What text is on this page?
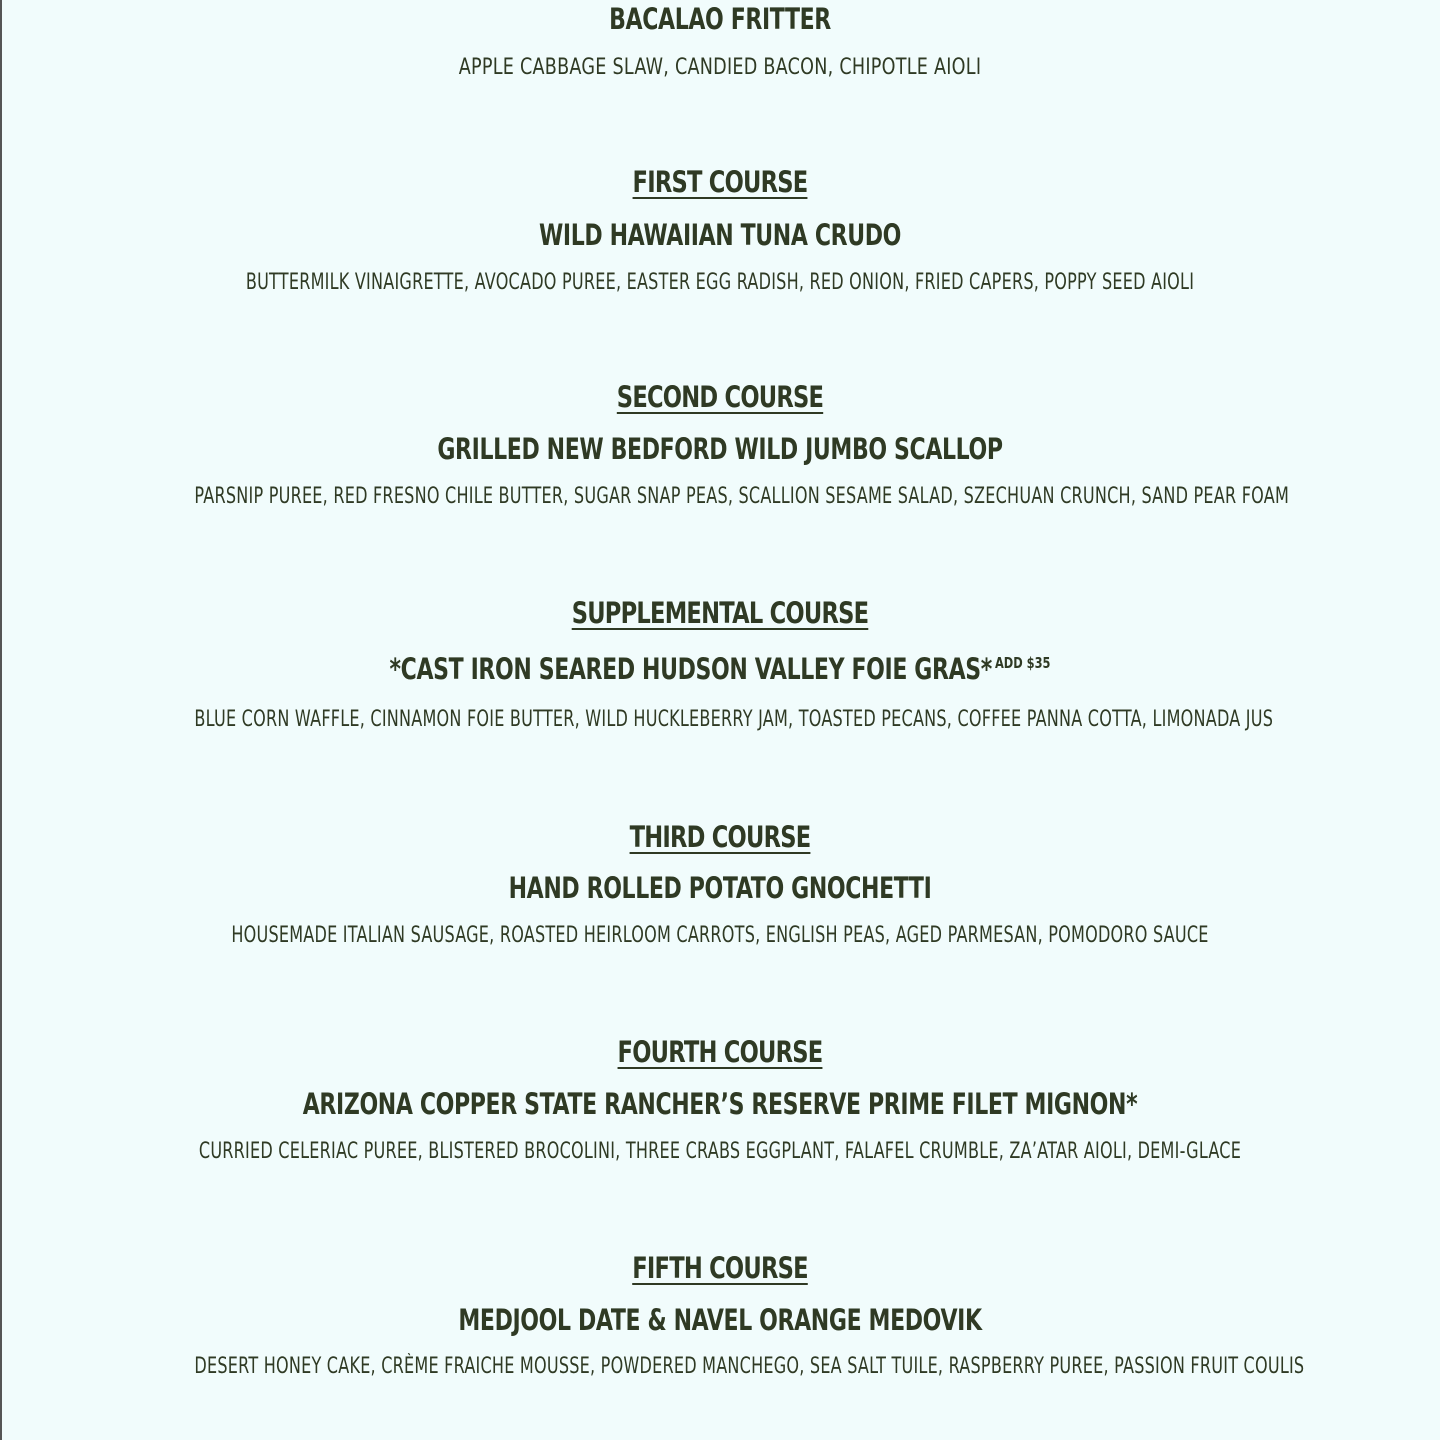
BACALAO FRITTER
APPLE CABBAGE SLAW, CANDIED BACON, CHIPOTLE AIOLI
FIRST COURSE
WILD HAWAIIAN TUNA CRUDO
BUTTERMILK VINAIGRETTE, AVOCADO PUREE, EASTER EGG RADISH, RED ONION, FRIED CAPERS, POPPY SEED AIOLI
SECOND COURSE
GRILLED NEW BEDFORD WILD JUMBO SCALLOP
PARSNIP PUREE, RED FRESNO CHILE BUTTER, SUGAR SNAP PEAS, SCALLION SESAME SALAD, SZECHUAN CRUNCH, SAND PEAR FOAM
SUPPLEMENTAL COURSE
*CAST IRON SEARED HUDSON VALLEY FOIE GRAS* $^{ADD \$35}$
BLUE CORN WAFFLE, CINNAMON FOIE BUTTER, WILD HUCKLEBERRY JAM, TOASTED PECANS, COFFEE PANNA COTTA, LIMONADA JUS
THIRD COURSE
HAND ROLLED POTATO GNOCHETTI
HOUSEMADE ITALIAN SAUSAGE, ROASTED HEIRLOOM CARROTS, ENGLISH PEAS, AGED PARMESAN, POMODORO SAUCE
FOURTH COURSE
ARIZONA COPPER STATE RANCHER’S RESERVE PRIME FILET MIGNON*
CURRIED CELERIAC PUREE, BLISTERED BROCOLINI, THREE CRABS EGGPLANT, FALAFEL CRUMBLE, ZA’ATAR AIOLI, DEMI-GLACE
FIFTH COURSE
MEDJOOL DATE & NAVEL ORANGE MEDOVIK
DESERT HONEY CAKE, CRÈME FRAICHE MOUSSE, POWDERED MANCHEGO, SEA SALT TUILE, RASPBERRY PUREE, PASSION FRUIT COULIS
